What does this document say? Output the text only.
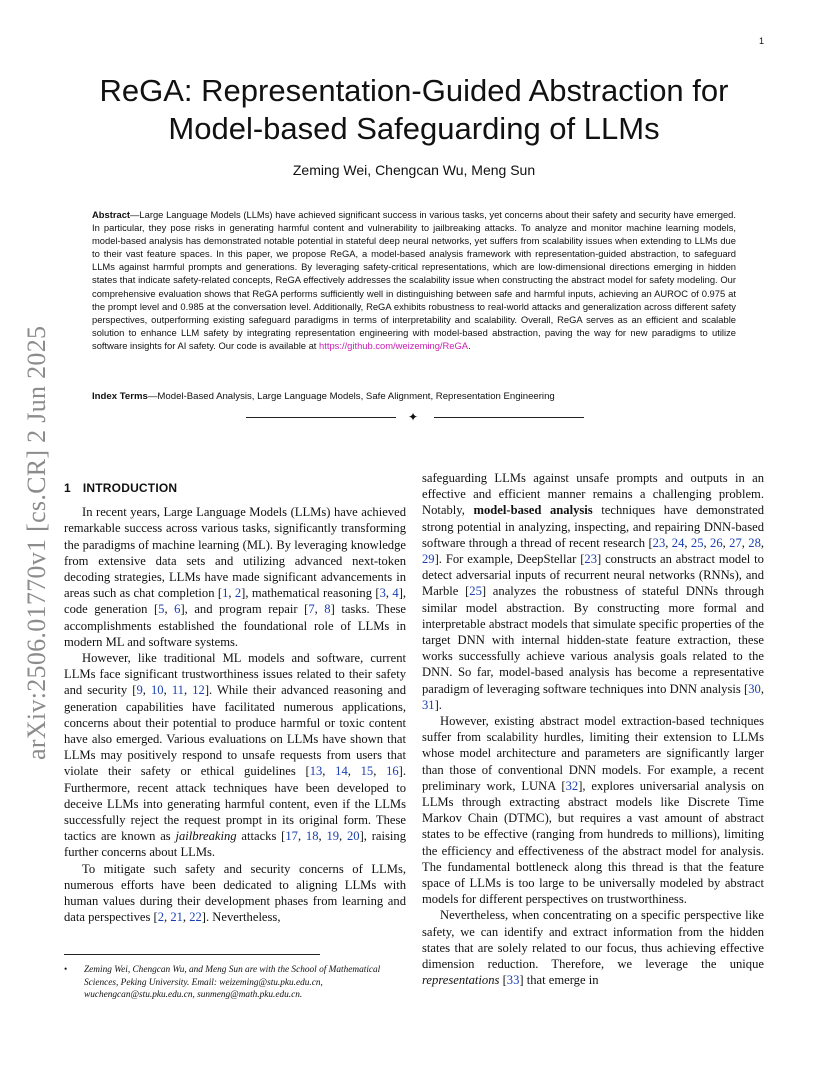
1
arXiv:2506.01770v1 [cs.CR] 2 Jun 2025
ReGA: Representation-Guided Abstraction for Model-based Safeguarding of LLMs
Zeming Wei, Chengcan Wu, Meng Sun

Abstract—Large Language Models (LLMs) have achieved significant success in various tasks, yet concerns about their safety and security have emerged. In particular, they pose risks in generating harmful content and vulnerability to jailbreaking attacks. To analyze and monitor machine learning models, model-based analysis has demonstrated notable potential in stateful deep neural networks, yet suffers from scalability issues when extending to LLMs due to their vast feature spaces. In this paper, we propose ReGA, a model-based analysis framework with representation-guided abstraction, to safeguard LLMs against harmful prompts and generations. By leveraging safety-critical representations, which are low-dimensional directions emerging in hidden states that indicate safety-related concepts, ReGA effectively addresses the scalability issue when constructing the abstract model for safety modeling. Our comprehensive evaluation shows that ReGA performs sufficiently well in distinguishing between safe and harmful inputs, achieving an AUROC of 0.975 at the prompt level and 0.985 at the conversation level. Additionally, ReGA exhibits robustness to real-world attacks and generalization across different safety perspectives, outperforming existing safeguard paradigms in terms of interpretability and scalability. Overall, ReGA serves as an efficient and scalable solution to enhance LLM safety by integrating representation engineering with model-based abstraction, paving the way for new paradigms to utilize software insights for AI safety. Our code is available at https://github.com/weizeming/ReGA.

Index Terms—Model-Based Analysis, Large Language Models, Safe Alignment, Representation Engineering

✦
1 INTRODUCTION

In recent years, Large Language Models (LLMs) have achieved remarkable success across various tasks, significantly transforming the paradigms of machine learning (ML). By leveraging knowledge from extensive data sets and utilizing advanced next-token decoding strategies, LLMs have made significant advancements in areas such as chat completion [1, 2], mathematical reasoning [3, 4], code generation [5, 6], and program repair [7, 8] tasks. These accomplishments established the foundational role of LLMs in modern ML and software systems.

However, like traditional ML models and software, current LLMs face significant trustworthiness issues related to their safety and security [9, 10, 11, 12]. While their advanced reasoning and generation capabilities have facilitated numerous applications, concerns about their potential to produce harmful or toxic content have also emerged. Various evaluations on LLMs have shown that LLMs may positively respond to unsafe requests from users that violate their safety or ethical guidelines [13, 14, 15, 16]. Furthermore, recent attack techniques have been developed to deceive LLMs into generating harmful content, even if the LLMs successfully reject the request prompt in its original form. These tactics are known as jailbreaking attacks [17, 18, 19, 20], raising further concerns about LLMs.

To mitigate such safety and security concerns of LLMs, numerous efforts have been dedicated to aligning LLMs with human values during their development phases from learning and data perspectives [2, 21, 22]. Nevertheless,

•	Zeming Wei, Chengcan Wu, and Meng Sun are with the School of Mathematical Sciences, Peking University. Email: weizeming@stu.pku.edu.cn, wuchengcan@stu.pku.edu.cn, sunmeng@math.pku.edu.cn.

safeguarding LLMs against unsafe prompts and outputs in an effective and efficient manner remains a challenging problem. Notably, model-based analysis techniques have demonstrated strong potential in analyzing, inspecting, and repairing DNN-based software through a thread of recent research [23, 24, 25, 26, 27, 28, 29]. For example, DeepStellar [23] constructs an abstract model to detect adversarial inputs of recurrent neural networks (RNNs), and Marble [25] analyzes the robustness of stateful DNNs through similar model abstraction. By constructing more formal and interpretable abstract models that simulate specific properties of the target DNN with internal hidden-state feature extraction, these works successfully achieve various analysis goals related to the DNN. So far, model-based analysis has become a representative paradigm of leveraging software techniques into DNN analysis [30, 31].

However, existing abstract model extraction-based techniques suffer from scalability hurdles, limiting their extension to LLMs whose model architecture and parameters are significantly larger than those of conventional DNN models. For example, a recent preliminary work, LUNA [32], explores universarial analysis on LLMs through extracting abstract models like Discrete Time Markov Chain (DTMC), but requires a vast amount of abstract states to be effective (ranging from hundreds to millions), limiting the efficiency and effectiveness of the abstract model for analysis. The fundamental bottleneck along this thread is that the feature space of LLMs is too large to be universally modeled by abstract models for different perspectives on trustworthiness.

Nevertheless, when concentrating on a specific perspective like safety, we can identify and extract information from the hidden states that are solely related to our focus, thus achieving effective dimension reduction. Therefore, we leverage the unique representations [33] that emerge in
